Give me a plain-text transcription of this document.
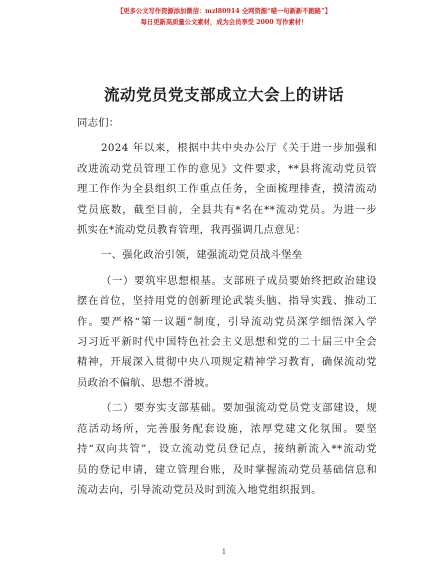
【更多公文写作资源添加微信：mzl80914 全网资源“喵一句新新不跑路”】
每日更新高质量公文素材，成为会员享受 2000 写作素材！
流动党员党支部成立大会上的讲话
同志们：
2024 年以来，根据中共中央办公厅《关于进一步加强和
改进流动党员管理工作的意见》文件要求，**县将流动党员管
理工作作为全县组织工作重点任务，全面梳理排查，摸清流动
党员底数，截至目前，全县共有*名在**流动党员。为进一步
抓实在*流动党员教育管理，我再强调几点意见：
一、强化政治引领，建强流动党员战斗堡垒
（一）要筑牢思想根基。支部班子成员要始终把政治建设
摆在首位，坚持用党的创新理论武装头脑、指导实践、推动工
作。要严格“第一议题”制度，引导流动党员深学细悟深入学
习习近平新时代中国特色社会主义思想和党的二十届三中全会
精神，开展深入贯彻中央八项规定精神学习教育，确保流动党
员政治不偏航、思想不滑坡。
（二）要夯实支部基础。要加强流动党员党支部建设，规
范活动场所，完善服务配套设施，浓厚党建文化氛围。要坚
持“双向共管”，设立流动党员登记点，接纳新流入**流动党
员的登记申请，建立管理台账，及时掌握流动党员基础信息和
流动去向，引导流动党员及时到流入地党组织报到。
1
